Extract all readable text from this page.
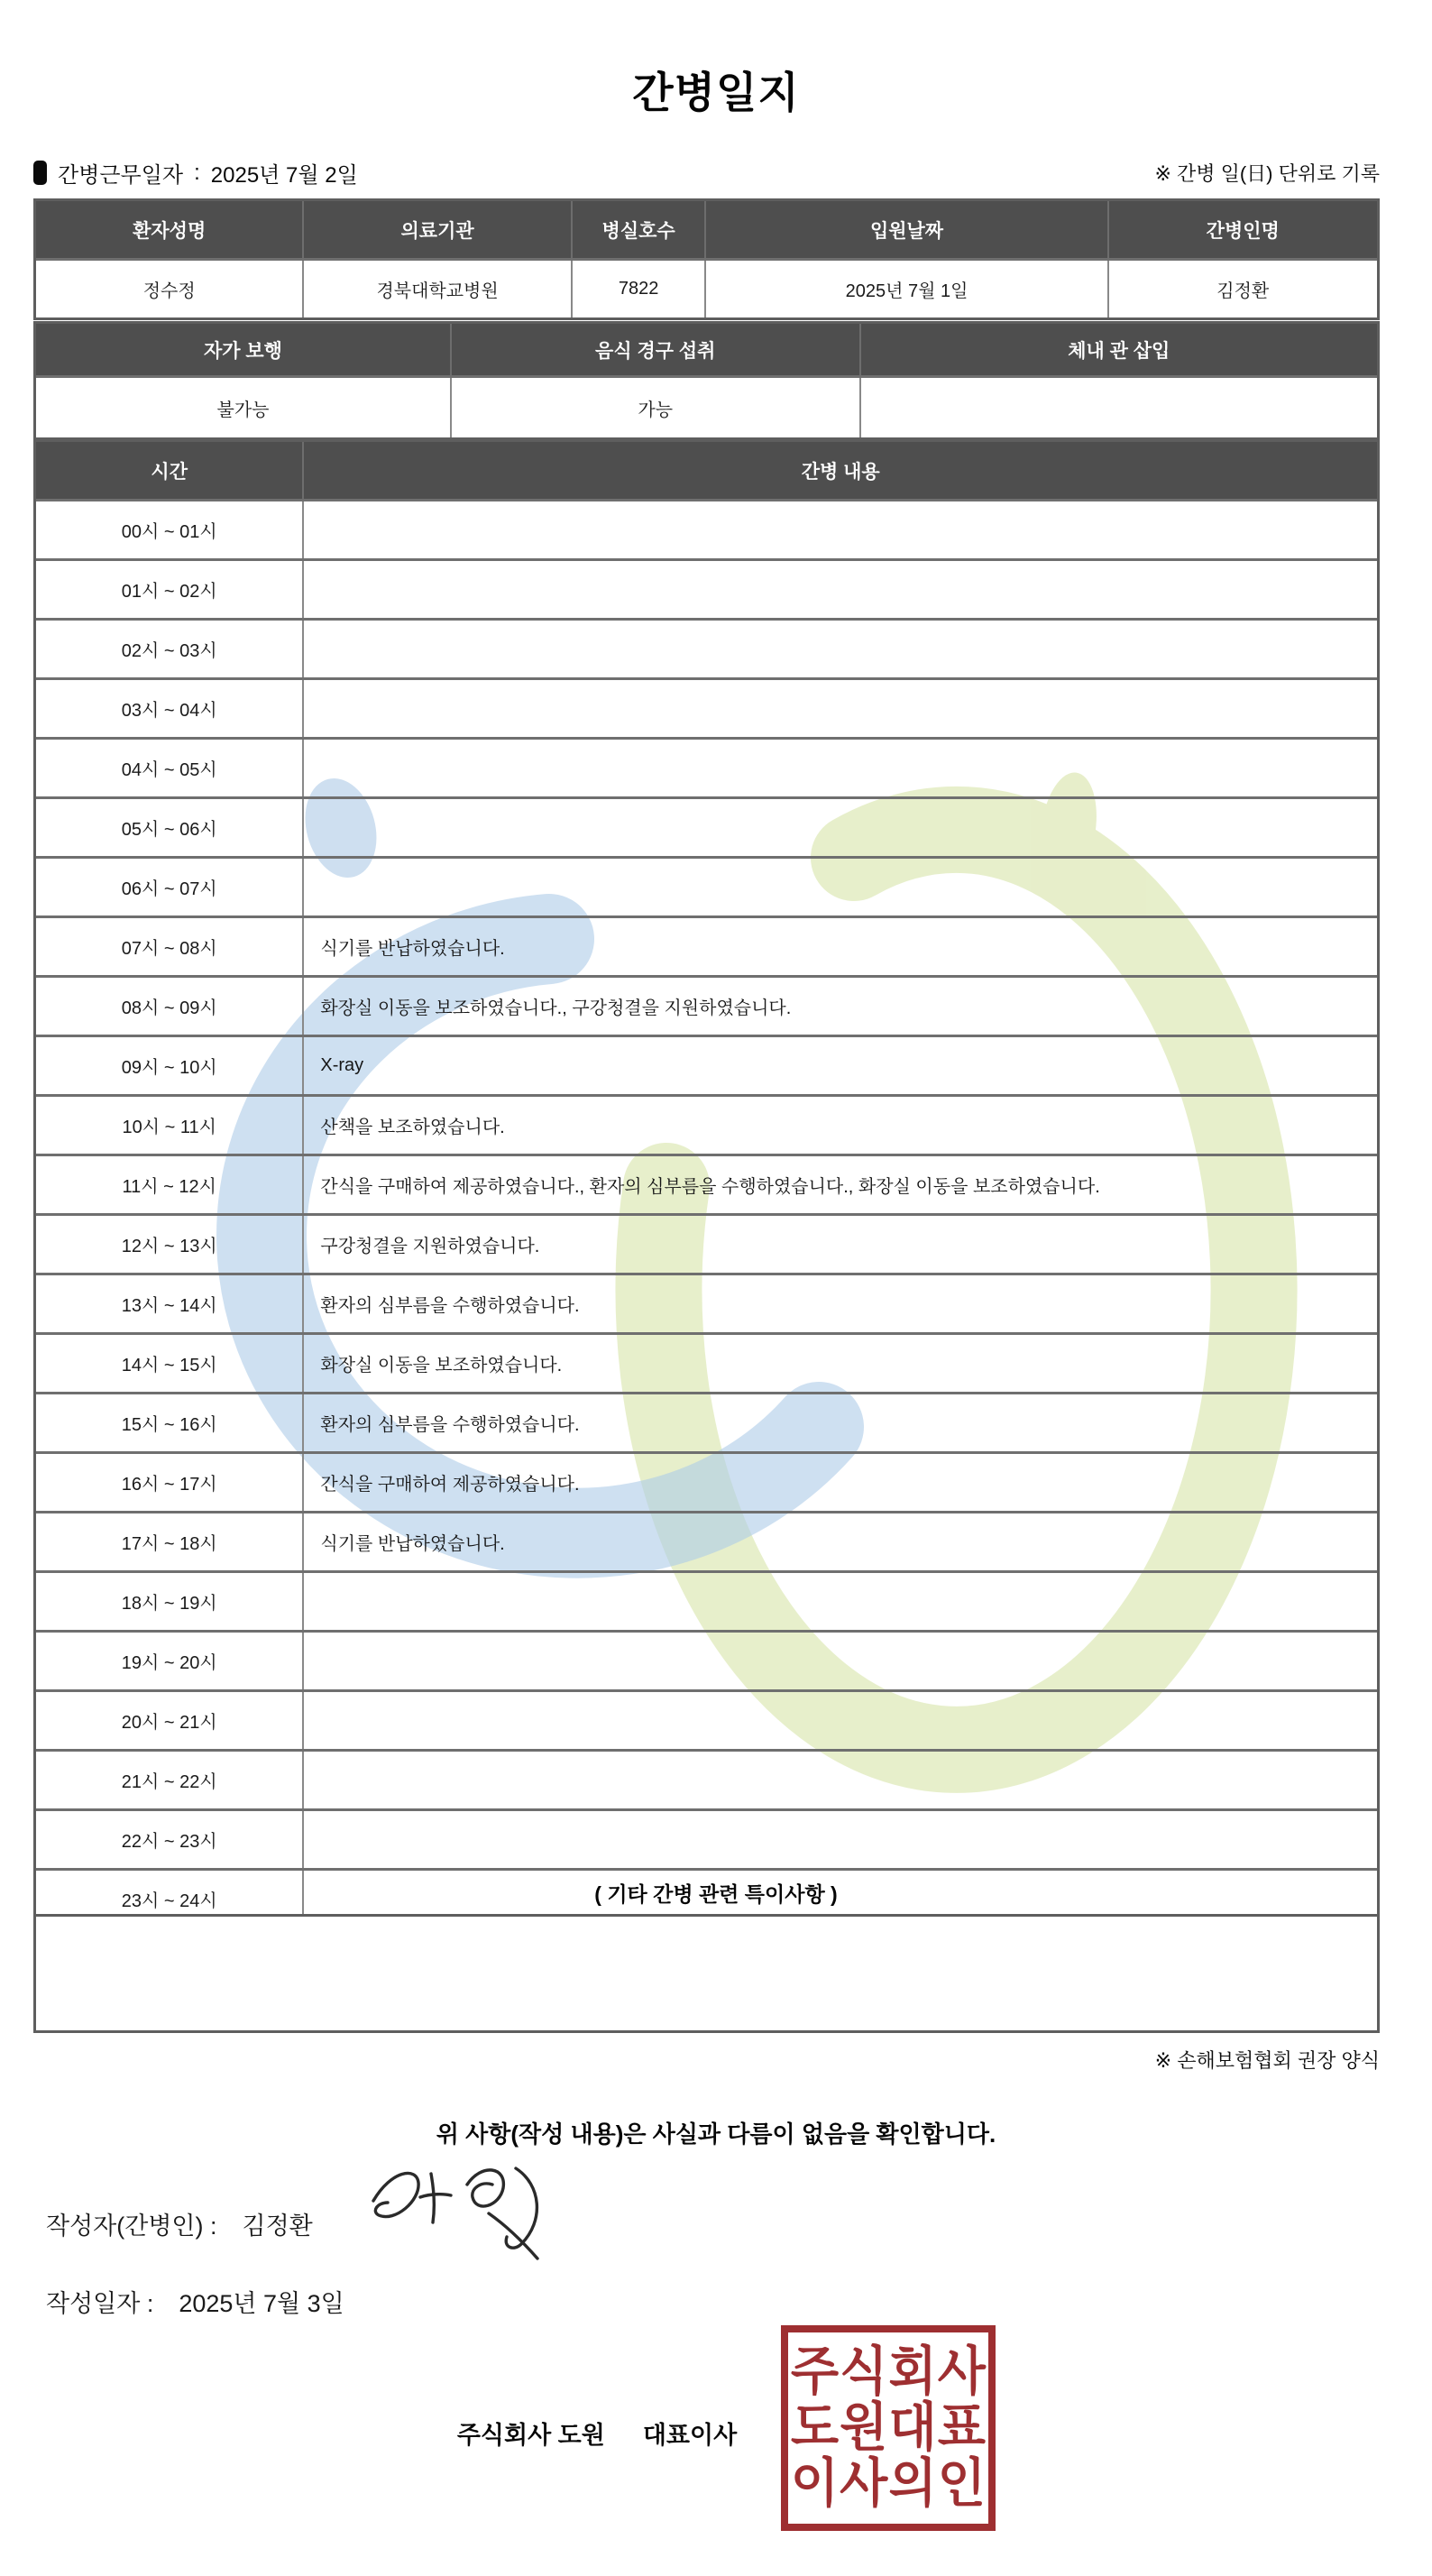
간병일지
간병근무일자 : 2025년 7월 2일	※ 간병 일(日) 단위로 기록
환자성명	의료기관	병실호수	입원날짜	간병인명
정수정	경북대학교병원	7822	2025년 7월 1일	김정환
자가 보행	음식 경구 섭취	체내 관 삽입
불가능	가능
시간	간병 내용
00시 ~ 01시
01시 ~ 02시
02시 ~ 03시
03시 ~ 04시
04시 ~ 05시
05시 ~ 06시
06시 ~ 07시
07시 ~ 08시	식기를 반납하였습니다.
08시 ~ 09시	화장실 이동을 보조하였습니다., 구강청결을 지원하였습니다.
09시 ~ 10시	X-ray
10시 ~ 11시	산책을 보조하였습니다.
11시 ~ 12시	간식을 구매하여 제공하였습니다., 환자의 심부름을 수행하였습니다., 화장실 이동을 보조하였습니다.
12시 ~ 13시	구강청결을 지원하였습니다.
13시 ~ 14시	환자의 심부름을 수행하였습니다.
14시 ~ 15시	화장실 이동을 보조하였습니다.
15시 ~ 16시	환자의 심부름을 수행하였습니다.
16시 ~ 17시	간식을 구매하여 제공하였습니다.
17시 ~ 18시	식기를 반납하였습니다.
18시 ~ 19시
19시 ~ 20시
20시 ~ 21시
21시 ~ 22시
22시 ~ 23시
23시 ~ 24시	( 기타 간병 관련 특이사항 )
※ 손해보험협회 권장 양식
위 사항(작성 내용)은 사실과 다름이 없음을 확인합니다.
작성자(간병인) : 김정환
작성일자 : 2025년 7월 3일
주식회사 도원 대표이사
주식회사
도원대표
이사의인
